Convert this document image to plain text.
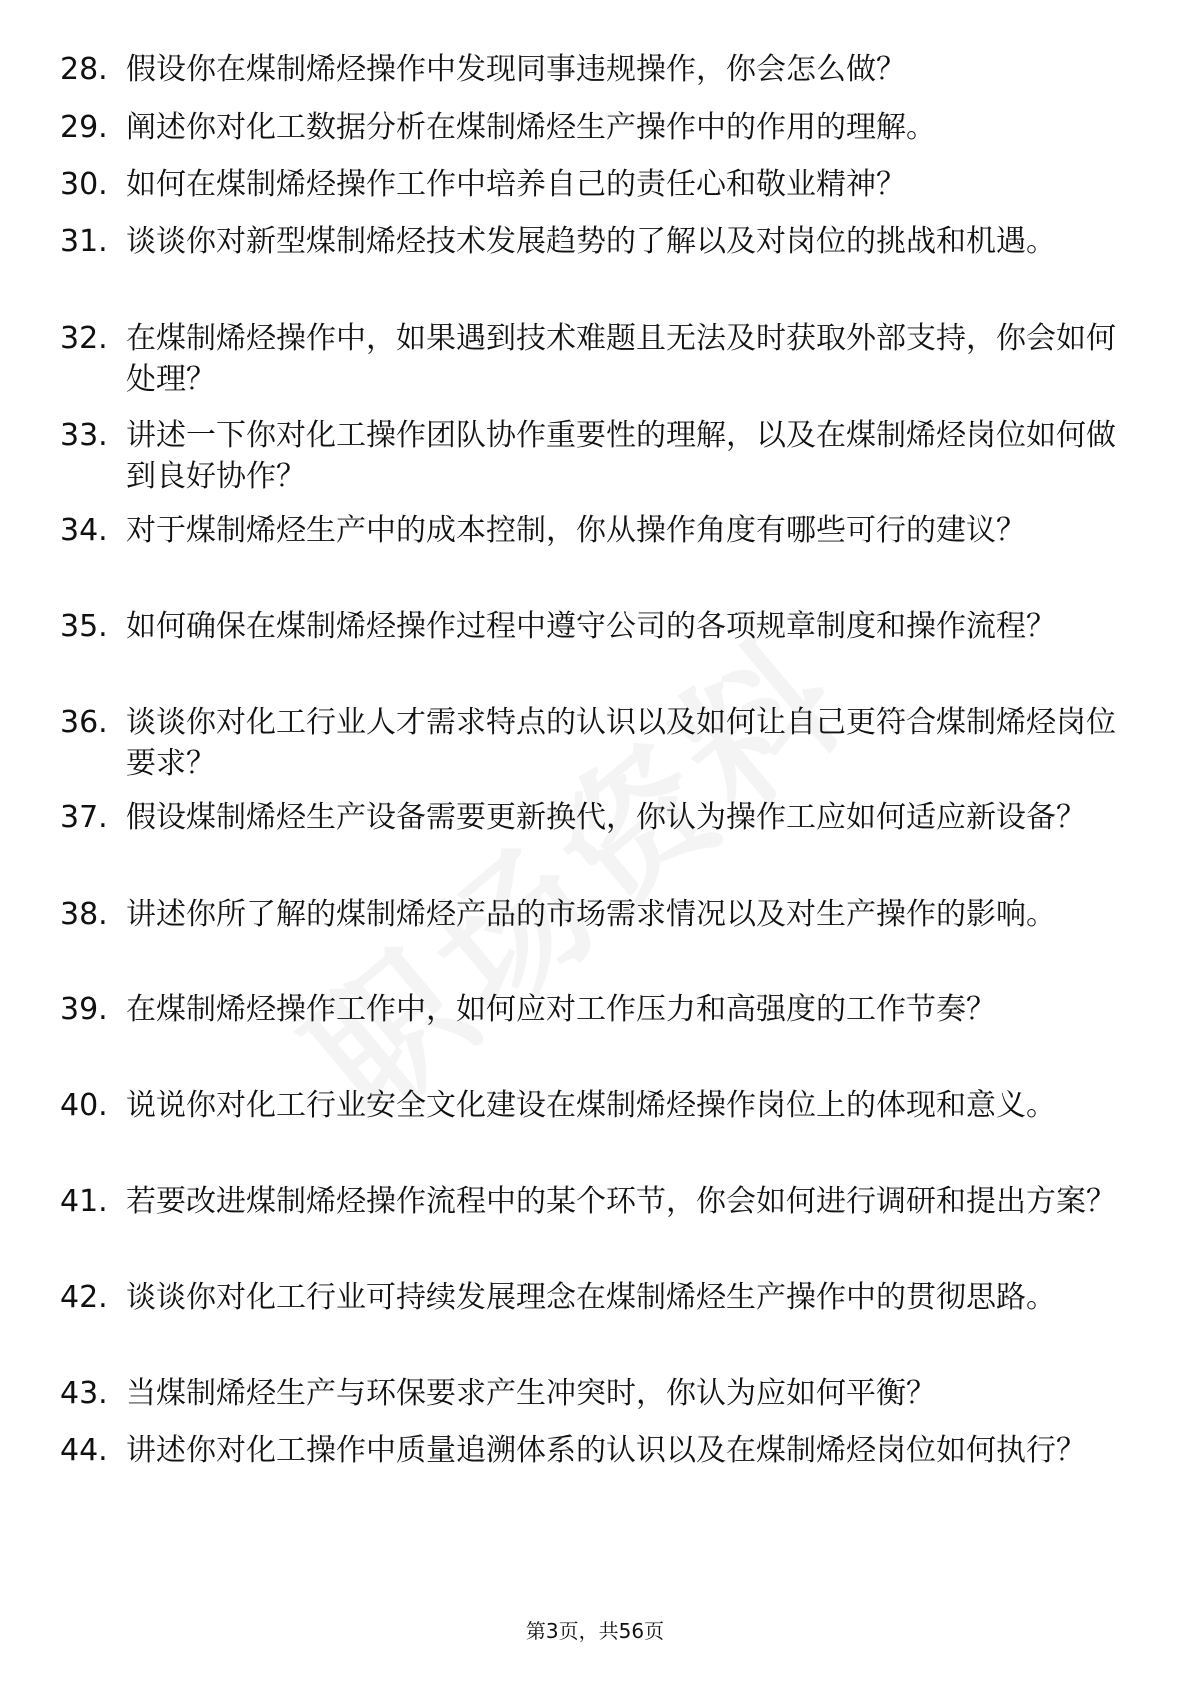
28. 假设你在煤制烯烃操作中发现同事违规操作，你会怎么做？
29. 阐述你对化工数据分析在煤制烯烃生产操作中的作用的理解。
30. 如何在煤制烯烃操作工作中培养自己的责任心和敬业精神？
31. 谈谈你对新型煤制烯烃技术发展趋势的了解以及对岗位的挑战和机遇。
32. 在煤制烯烃操作中，如果遇到技术难题且无法及时获取外部支持，你会如何处理？
33. 讲述一下你对化工操作团队协作重要性的理解，以及在煤制烯烃岗位如何做到良好协作？
34. 对于煤制烯烃生产中的成本控制，你从操作角度有哪些可行的建议？
35. 如何确保在煤制烯烃操作过程中遵守公司的各项规章制度和操作流程？
36. 谈谈你对化工行业人才需求特点的认识以及如何让自己更符合煤制烯烃岗位要求？
37. 假设煤制烯烃生产设备需要更新换代，你认为操作工应如何适应新设备？
38. 讲述你所了解的煤制烯烃产品的市场需求情况以及对生产操作的影响。
39. 在煤制烯烃操作工作中，如何应对工作压力和高强度的工作节奏？
40. 说说你对化工行业安全文化建设在煤制烯烃操作岗位上的体现和意义。
41. 若要改进煤制烯烃操作流程中的某个环节，你会如何进行调研和提出方案？
42. 谈谈你对化工行业可持续发展理念在煤制烯烃生产操作中的贯彻思路。
43. 当煤制烯烃生产与环保要求产生冲突时，你认为应如何平衡？
44. 讲述你对化工操作中质量追溯体系的认识以及在煤制烯烃岗位如何执行？
第3页，共56页
